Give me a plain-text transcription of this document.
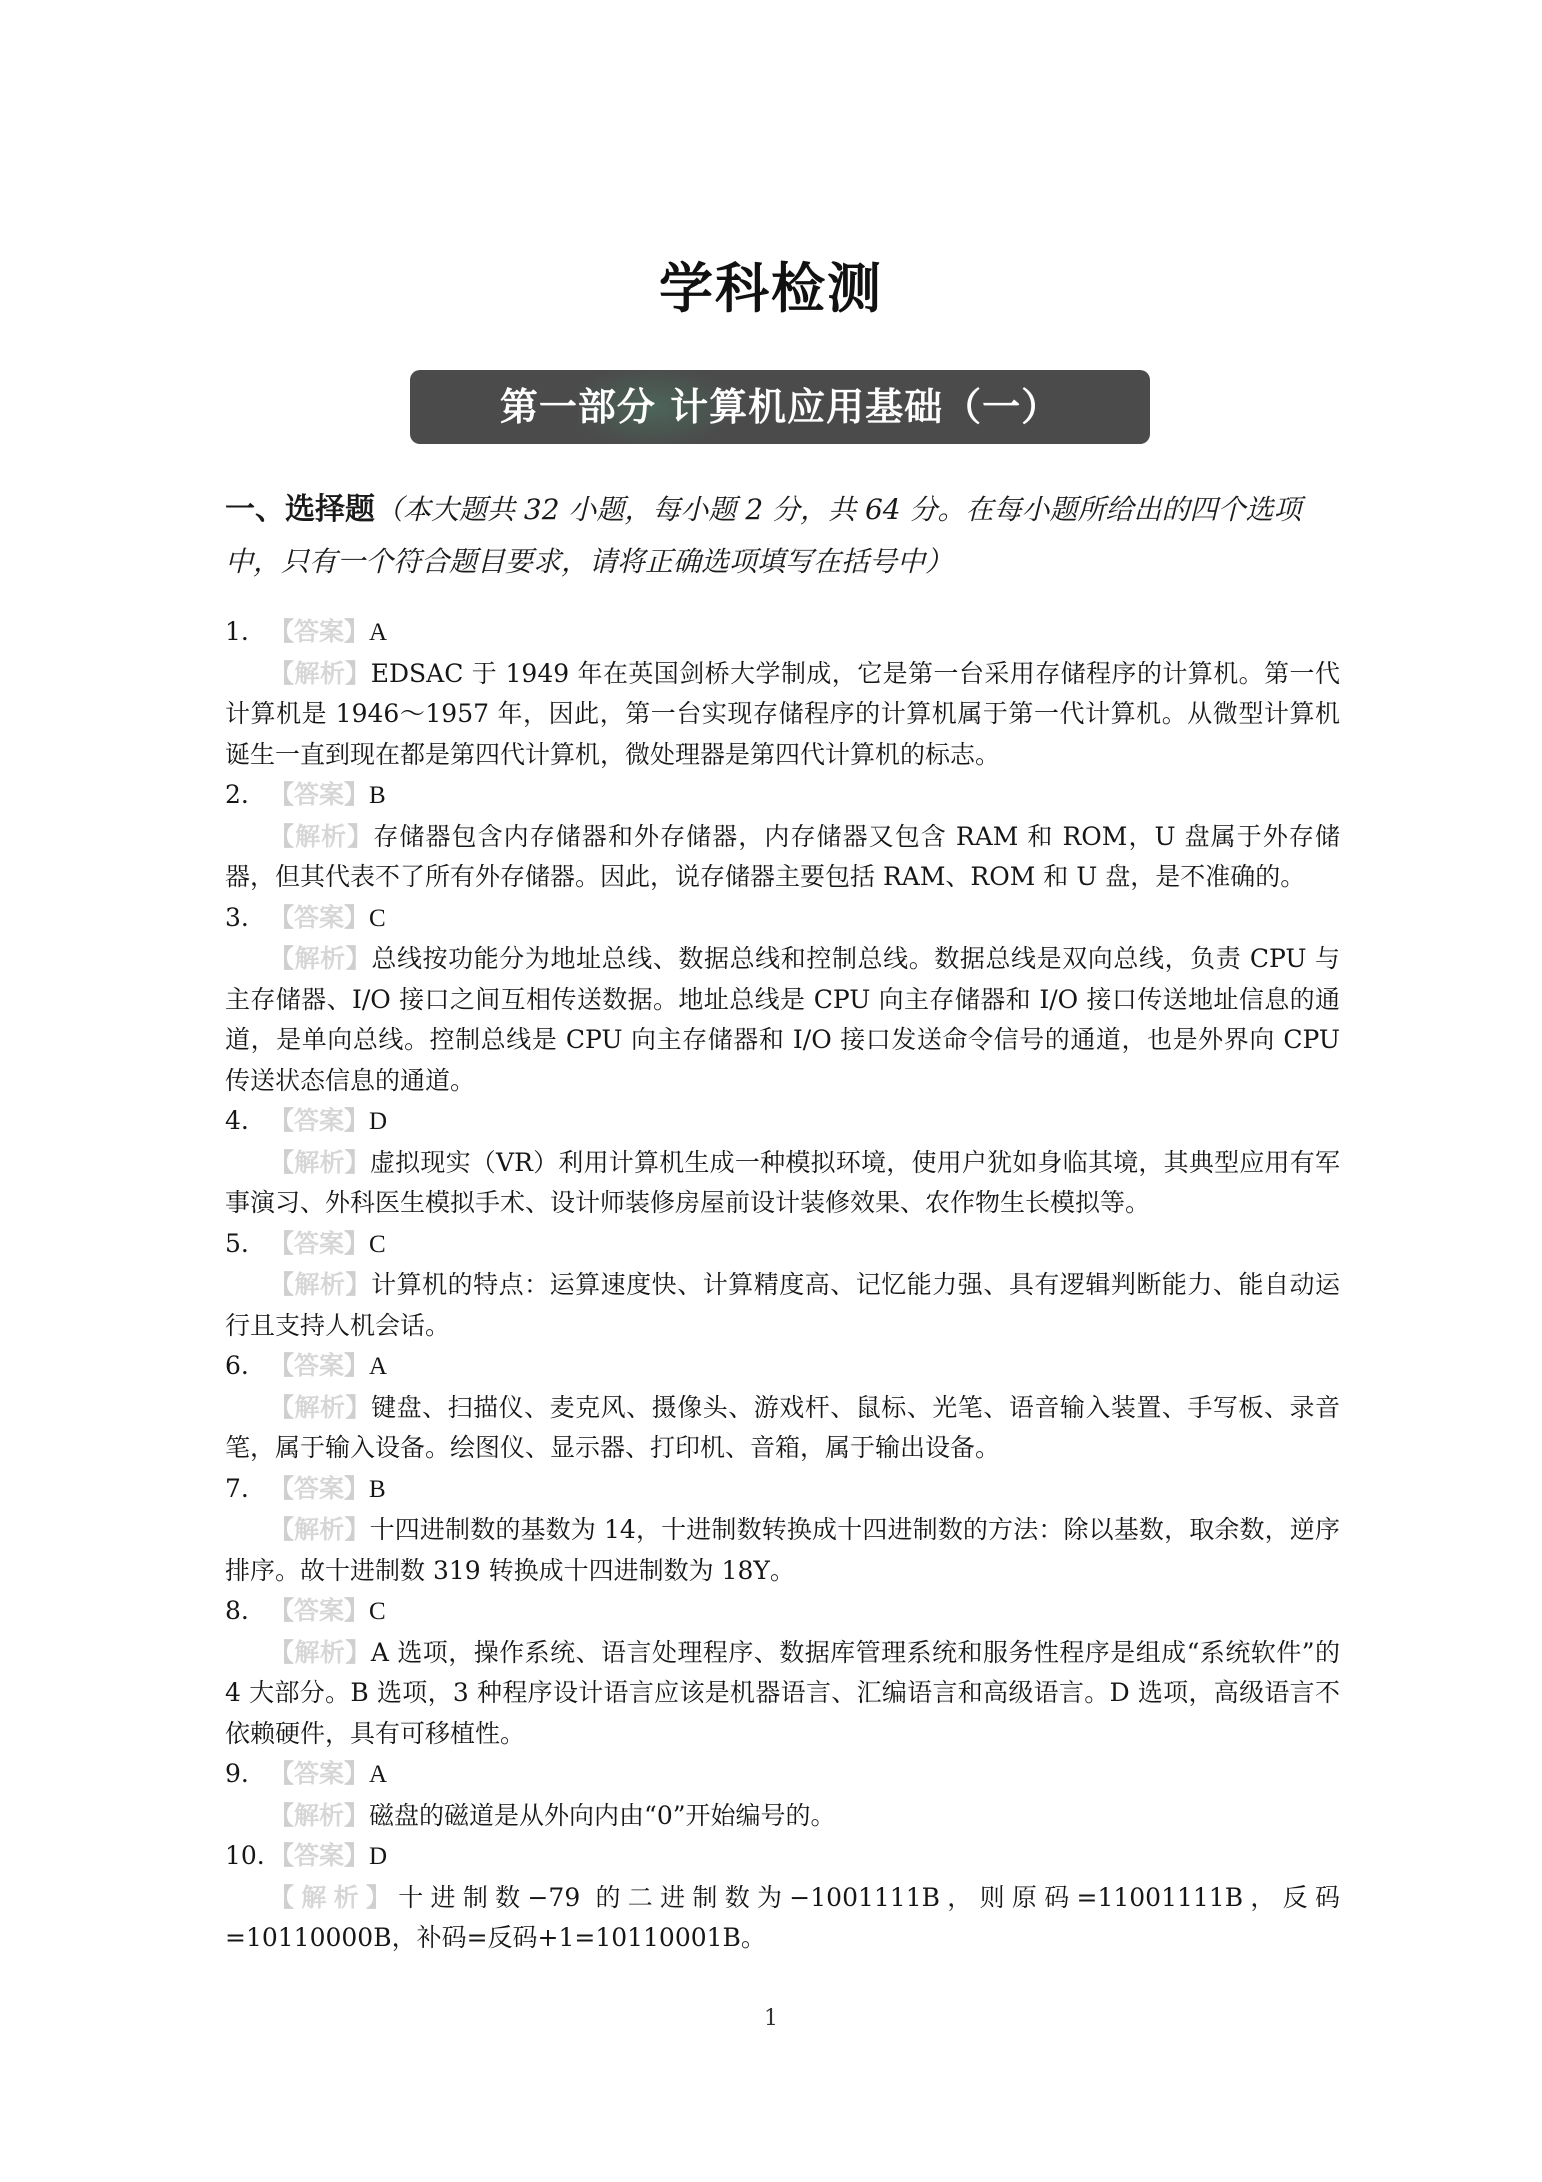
学科检测
第一部分 计算机应用基础（一）

一、选择题（本大题共 32 小题，每小题 2 分，共 64 分。在每小题所给出的四个选项中，只有一个符合题目要求，请将正确选项填写在括号中）

1. 【答案】A

【解析】EDSAC 于 1949 年在英国剑桥大学制成，它是第一台采用存储程序的计算机。第一代计算机是 1946～1957 年，因此，第一台实现存储程序的计算机属于第一代计算机。从微型计算机诞生一直到现在都是第四代计算机，微处理器是第四代计算机的标志。

2. 【答案】B

【解析】存储器包含内存储器和外存储器，内存储器又包含 RAM 和 ROM，U 盘属于外存储器，但其代表不了所有外存储器。因此，说存储器主要包括 RAM、ROM 和 U 盘，是不准确的。

3. 【答案】C

【解析】总线按功能分为地址总线、数据总线和控制总线。数据总线是双向总线，负责 CPU 与主存储器、I/O 接口之间互相传送数据。地址总线是 CPU 向主存储器和 I/O 接口传送地址信息的通道，是单向总线。控制总线是 CPU 向主存储器和 I/O 接口发送命令信号的通道，也是外界向 CPU 传送状态信息的通道。

4. 【答案】D

【解析】虚拟现实（VR）利用计算机生成一种模拟环境，使用户犹如身临其境，其典型应用有军事演习、外科医生模拟手术、设计师装修房屋前设计装修效果、农作物生长模拟等。

5. 【答案】C

【解析】计算机的特点：运算速度快、计算精度高、记忆能力强、具有逻辑判断能力、能自动运行且支持人机会话。

6. 【答案】A

【解析】键盘、扫描仪、麦克风、摄像头、游戏杆、鼠标、光笔、语音输入装置、手写板、录音笔，属于输入设备。绘图仪、显示器、打印机、音箱，属于输出设备。

7. 【答案】B

【解析】十四进制数的基数为 14，十进制数转换成十四进制数的方法：除以基数，取余数，逆序排序。故十进制数 319 转换成十四进制数为 18Y。

8. 【答案】C

【解析】A 选项，操作系统、语言处理程序、数据库管理系统和服务性程序是组成“系统软件”的 4 大部分。B 选项，3 种程序设计语言应该是机器语言、汇编语言和高级语言。D 选项，高级语言不依赖硬件，具有可移植性。

9. 【答案】A

【解析】磁盘的磁道是从外向内由“0”开始编号的。

10. 【答案】D

【解析】十进制数−79 的二进制数为−1001111B，则原码=11001111B，反码=10110000B，补码=反码+1=10110001B。

1
